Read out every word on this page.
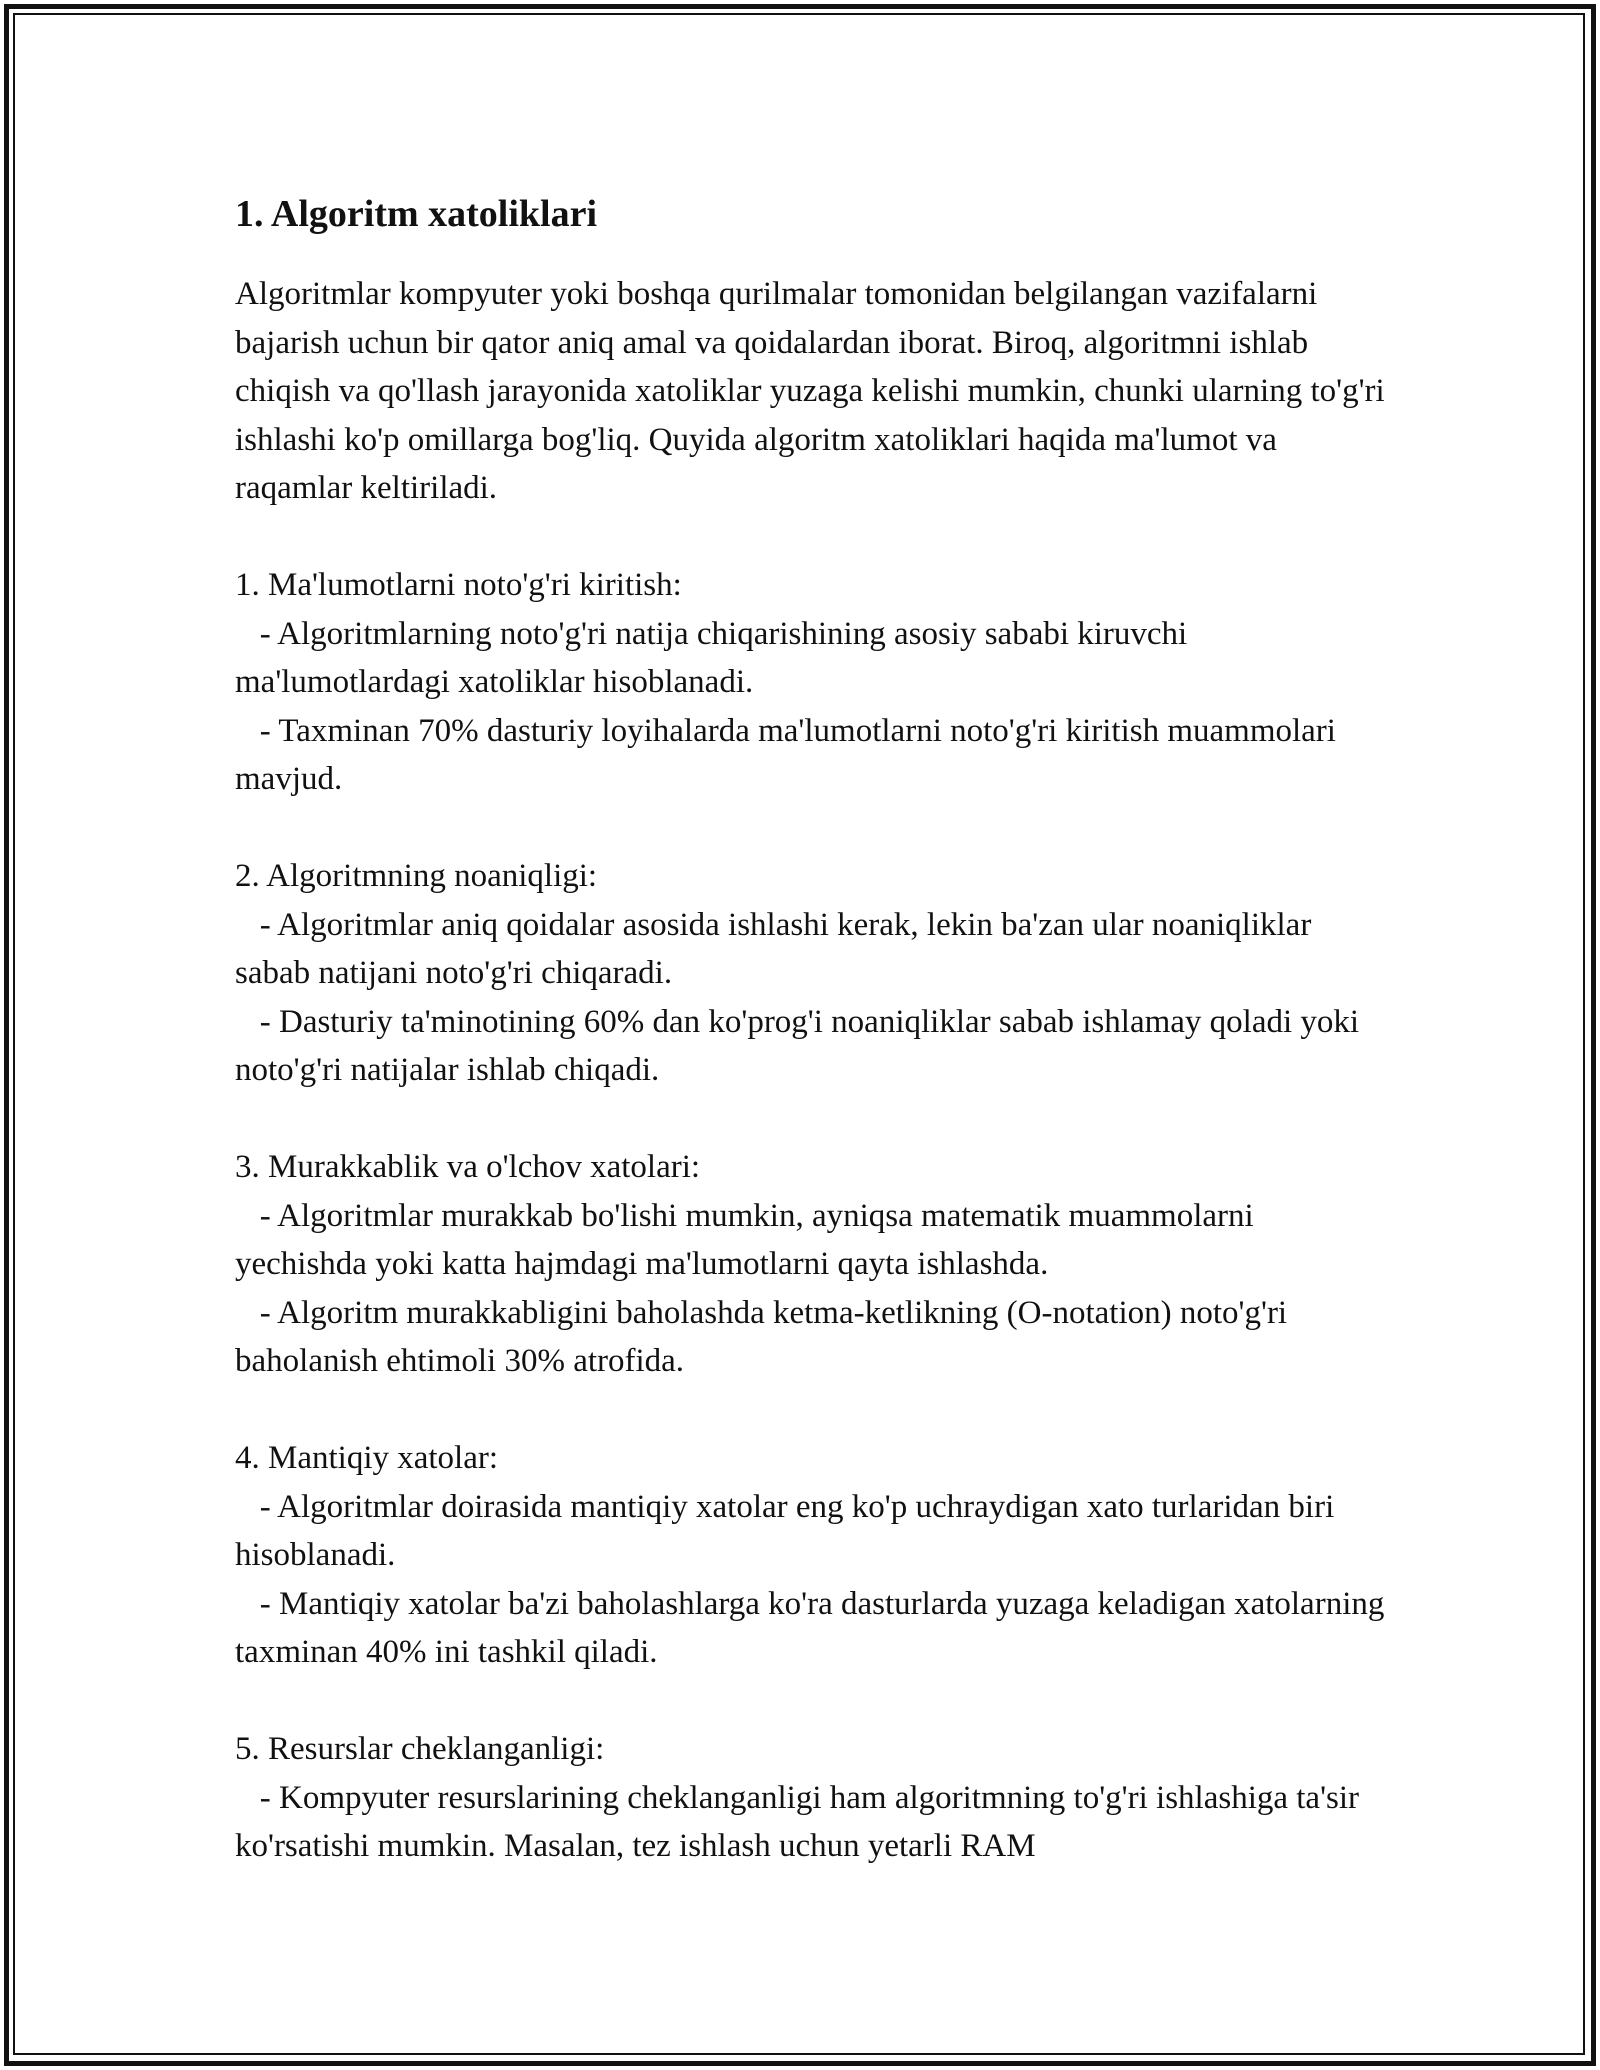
1. Algoritm xatoliklari

Algoritmlar kompyuter yoki boshqa qurilmalar tomonidan belgilangan vazifalarni bajarish uchun bir qator aniq amal va qoidalardan iborat. Biroq, algoritmni ishlab chiqish va qo'llash jarayonida xatoliklar yuzaga kelishi mumkin, chunki ularning to'g'ri ishlashi ko'p omillarga bog'liq. Quyida algoritm xatoliklari haqida ma'lumot va raqamlar keltiriladi.

1. Ma'lumotlarni noto'g'ri kiritish:

- Algoritmlarning noto'g'ri natija chiqarishining asosiy sababi kiruvchi ma'lumotlardagi xatoliklar hisoblanadi.

- Taxminan 70% dasturiy loyihalarda ma'lumotlarni noto'g'ri kiritish muammolari mavjud.

2. Algoritmning noaniqligi:

- Algoritmlar aniq qoidalar asosida ishlashi kerak, lekin ba'zan ular noaniqliklar sabab natijani noto'g'ri chiqaradi.

- Dasturiy ta'minotining 60% dan ko'prog'i noaniqliklar sabab ishlamay qoladi yoki noto'g'ri natijalar ishlab chiqadi.

3. Murakkablik va o'lchov xatolari:

- Algoritmlar murakkab bo'lishi mumkin, ayniqsa matematik muammolarni yechishda yoki katta hajmdagi ma'lumotlarni qayta ishlashda.

- Algoritm murakkabligini baholashda ketma-ketlikning (O-notation) noto'g'ri baholanish ehtimoli 30% atrofida.

4. Mantiqiy xatolar:

- Algoritmlar doirasida mantiqiy xatolar eng ko'p uchraydigan xato turlaridan biri hisoblanadi.

- Mantiqiy xatolar ba'zi baholashlarga ko'ra dasturlarda yuzaga keladigan xatolarning taxminan 40% ini tashkil qiladi.

5. Resurslar cheklanganligi:

- Kompyuter resurslarining cheklanganligi ham algoritmning to'g'ri ishlashiga ta'sir ko'rsatishi mumkin. Masalan, tez ishlash uchun yetarli RAM
